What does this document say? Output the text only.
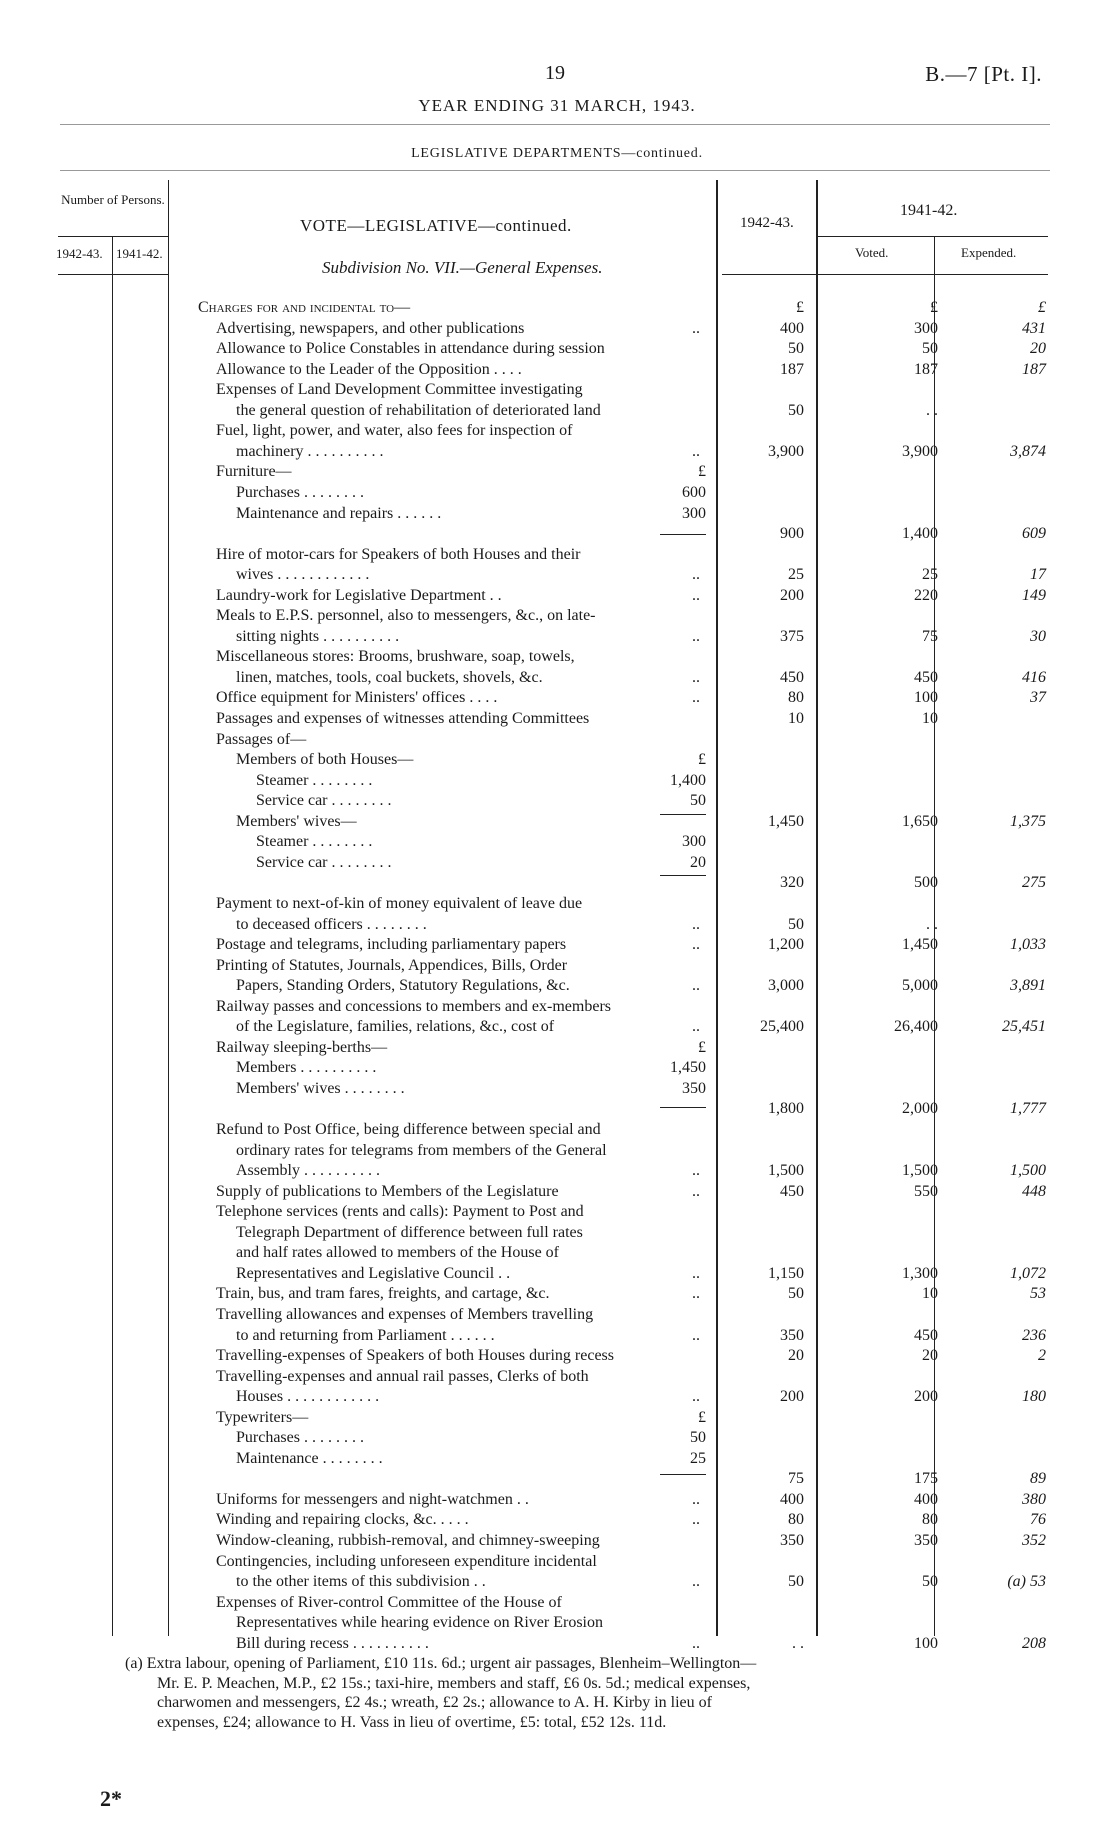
19	B.—7 [Pt. I].
YEAR ENDING 31 MARCH, 1943.
LEGISLATIVE DEPARTMENTS—continued.
Number of Persons.
1942-43. 1941-42.
VOTE—LEGISLATIVE—continued.
Subdivision No. VII.—General Expenses.
1942-43.
1941-42.
Voted.	Expended.
Charges for and incidental to—	£	£	£
Advertising, newspapers, and other publications	..	400	300	431
Allowance to Police Constables in attendance during session	50	50	20
Allowance to the Leader of the Opposition . . . .	187	187	187
Expenses of Land Development Committee investigating
the general question of rehabilitation of deteriorated land	50	. .
Fuel, light, power, and water, also fees for inspection of
machinery . . . . . . . . . .	..	3,900	3,900	3,874
Furniture—	£
Purchases . . . . . . . .	600
Maintenance and repairs . . . . . .	300
900	1,400	609
Hire of motor-cars for Speakers of both Houses and their
wives . . . . . . . . . . . .	..	25	25	17
Laundry-work for Legislative Department . .	..	200	220	149
Meals to E.P.S. personnel, also to messengers, &c., on late-
sitting nights . . . . . . . . . .	..	375	75	30
Miscellaneous stores: Brooms, brushware, soap, towels,
linen, matches, tools, coal buckets, shovels, &c.	..	450	450	416
Office equipment for Ministers' offices . . . .	..	80	100	37
Passages and expenses of witnesses attending Committees	10	10
Passages of—
Members of both Houses—	£
Steamer . . . . . . . .	1,400
Service car . . . . . . . .	50
Members' wives—	1,450	1,650	1,375
Steamer . . . . . . . .	300
Service car . . . . . . . .	20
320	500	275
Payment to next-of-kin of money equivalent of leave due
to deceased officers . . . . . . . .	..	50	. .
Postage and telegrams, including parliamentary papers	..	1,200	1,450	1,033
Printing of Statutes, Journals, Appendices, Bills, Order
Papers, Standing Orders, Statutory Regulations, &c.	..	3,000	5,000	3,891
Railway passes and concessions to members and ex-members
of the Legislature, families, relations, &c., cost of	..	25,400	26,400	25,451
Railway sleeping-berths—	£
Members . . . . . . . . . .	1,450
Members' wives . . . . . . . .	350
1,800	2,000	1,777
Refund to Post Office, being difference between special and
ordinary rates for telegrams from members of the General
Assembly . . . . . . . . . .	..	1,500	1,500	1,500
Supply of publications to Members of the Legislature	..	450	550	448
Telephone services (rents and calls): Payment to Post and
Telegraph Department of difference between full rates
and half rates allowed to members of the House of
Representatives and Legislative Council . .	..	1,150	1,300	1,072
Train, bus, and tram fares, freights, and cartage, &c.	..	50	10	53
Travelling allowances and expenses of Members travelling
to and returning from Parliament . . . . . .	..	350	450	236
Travelling-expenses of Speakers of both Houses during recess	20	20	2
Travelling-expenses and annual rail passes, Clerks of both
Houses . . . . . . . . . . . .	..	200	200	180
Typewriters—	£
Purchases . . . . . . . .	50
Maintenance . . . . . . . .	25
75	175	89
Uniforms for messengers and night-watchmen . .	..	400	400	380
Winding and repairing clocks, &c. . . . .	..	80	80	76
Window-cleaning, rubbish-removal, and chimney-sweeping	350	350	352
Contingencies, including unforeseen expenditure incidental
to the other items of this subdivision . .	..	50	50	(a) 53
Expenses of River-control Committee of the House of
Representatives while hearing evidence on River Erosion
Bill during recess . . . . . . . . . .	..	. .	100	208
(a) Extra labour, opening of Parliament, £10 11s. 6d.; urgent air passages, Blenheim–Wellington—
Mr. E. P. Meachen, M.P., £2 15s.; taxi-hire, members and staff, £6 0s. 5d.; medical expenses,
charwomen and messengers, £2 4s.; wreath, £2 2s.; allowance to A. H. Kirby in lieu of
expenses, £24; allowance to H. Vass in lieu of overtime, £5: total, £52 12s. 11d.
2*
